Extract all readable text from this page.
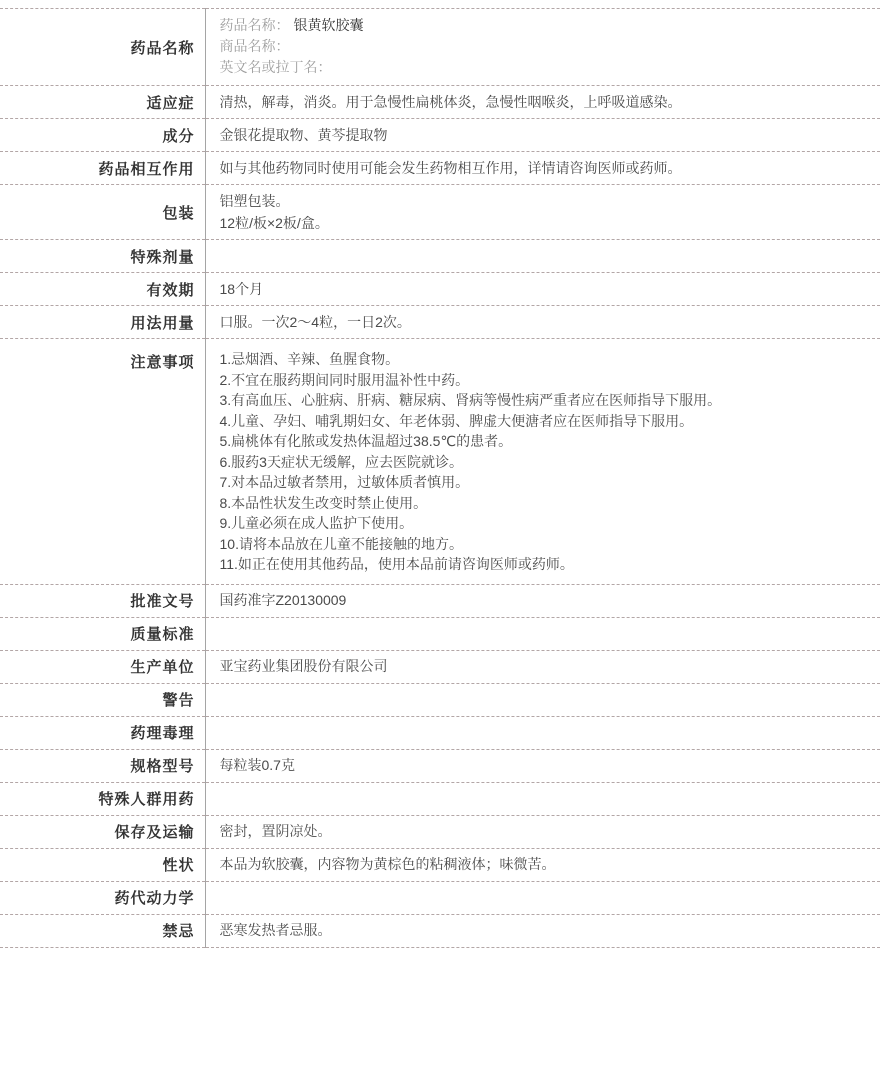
药品名称	药品名称： 银黄软胶囊
商品名称：
英文名或拉丁名：

适应症	清热，解毒，消炎。用于急慢性扁桃体炎，急慢性咽喉炎，上呼吸道感染。
成分	金银花提取物、黄芩提取物
药品相互作用	如与其他药物同时使用可能会发生药物相互作用，详情请咨询医师或药师。
包装	铝塑包装。
12粒/板×2板/盒。

特殊剂量	
有效期	18个月
用法用量	口服。一次2～4粒，一日2次。
注意事项	1.忌烟酒、辛辣、鱼腥食物。
2.不宜在服药期间同时服用温补性中药。
3.有高血压、心脏病、肝病、糖尿病、肾病等慢性病严重者应在医师指导下服用。
4.儿童、孕妇、哺乳期妇女、年老体弱、脾虚大便溏者应在医师指导下服用。
5.扁桃体有化脓或发热体温超过38.5℃的患者。
6.服药3天症状无缓解，应去医院就诊。
7.对本品过敏者禁用，过敏体质者慎用。
8.本品性状发生改变时禁止使用。
9.儿童必须在成人监护下使用。
10.请将本品放在儿童不能接触的地方。
11.如正在使用其他药品，使用本品前请咨询医师或药师。

批准文号	国药准字Z20130009
质量标准	
生产单位	亚宝药业集团股份有限公司
警告	
药理毒理	
规格型号	每粒装0.7克
特殊人群用药	
保存及运输	密封，置阴凉处。
性状	本品为软胶囊，内容物为黄棕色的粘稠液体；味微苦。
药代动力学	
禁忌	恶寒发热者忌服。
